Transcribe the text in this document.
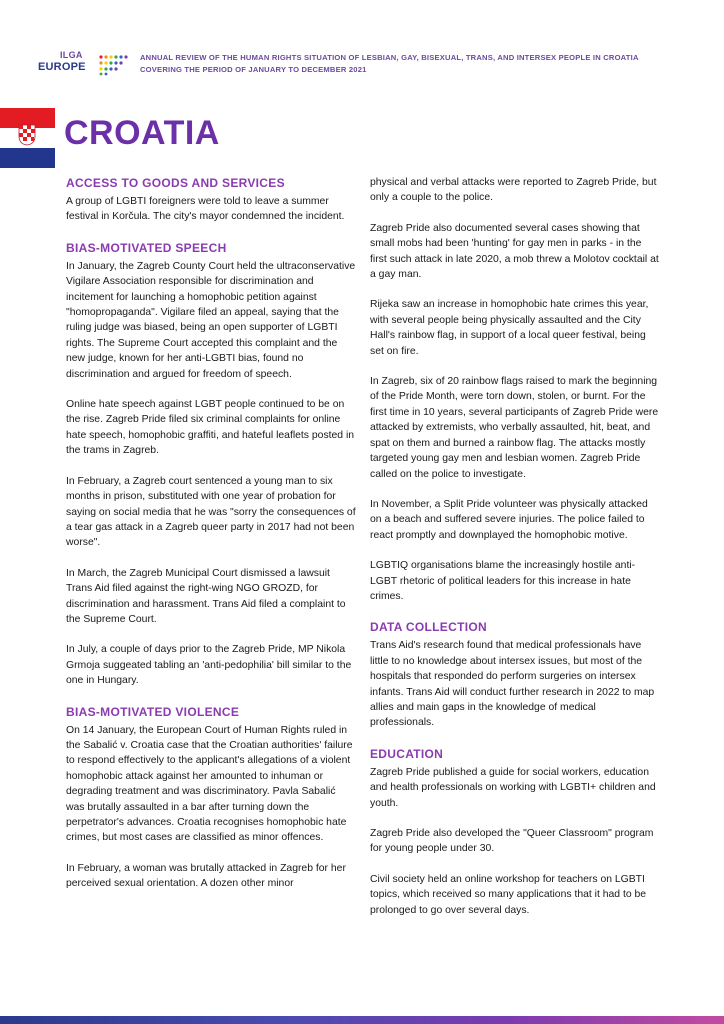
ILGA
EUROPE
ANNUAL REVIEW OF THE HUMAN RIGHTS SITUATION OF LESBIAN, GAY, BISEXUAL, TRANS, AND INTERSEX PEOPLE IN CROATIA
COVERING THE PERIOD OF JANUARY TO DECEMBER 2021
CROATIA
ACCESS TO GOODS AND SERVICES

A group of LGBTI foreigners were told to leave a summer festival in Korčula. The city's mayor condemned the incident.

BIAS-MOTIVATED SPEECH

In January, the Zagreb County Court held the ultraconservative Vigilare Association responsible for discrimination and incitement for launching a homophobic petition against "homopropaganda". Vigilare filed an appeal, saying that the ruling judge was biased, being an open supporter of LGBTI rights. The Supreme Court accepted this complaint and the new judge, known for her anti-LGBTI bias, found no discrimination and argued for freedom of speech.

Online hate speech against LGBT people continued to be on the rise. Zagreb Pride filed six criminal complaints for online hate speech, homophobic graffiti, and hateful leaflets posted in the trams in Zagreb.

In February, a Zagreb court sentenced a young man to six months in prison, substituted with one year of probation for saying on social media that he was "sorry the consequences of a tear gas attack in a Zagreb queer party in 2017 had not been worse".

In March, the Zagreb Municipal Court dismissed a lawsuit Trans Aid filed against the right-wing NGO GROZD, for discrimination and harassment. Trans Aid filed a complaint to the Supreme Court.

In July, a couple of days prior to the Zagreb Pride, MP Nikola Grmoja suggeated tabling an 'anti-pedophilia' bill similar to the one in Hungary.

BIAS-MOTIVATED VIOLENCE

On 14 January, the European Court of Human Rights ruled in the Sabalić v. Croatia case that the Croatian authorities' failure to respond effectively to the applicant's allegations of a violent homophobic attack against her amounted to inhuman or degrading treatment and was discriminatory. Pavla Sabalić was brutally assaulted in a bar after turning down the perpetrator's advances. Croatia recognises homophobic hate crimes, but most cases are classified as minor offences.

In February, a woman was brutally attacked in Zagreb for her perceived sexual orientation. A dozen other minor

physical and verbal attacks were reported to Zagreb Pride, but only a couple to the police.

Zagreb Pride also documented several cases showing that small mobs had been 'hunting' for gay men in parks - in the first such attack in late 2020, a mob threw a Molotov cocktail at a gay man.

Rijeka saw an increase in homophobic hate crimes this year, with several people being physically assaulted and the City Hall's rainbow flag, in support of a local queer festival, being set on fire.

In Zagreb, six of 20 rainbow flags raised to mark the beginning of the Pride Month, were torn down, stolen, or burnt. For the first time in 10 years, several participants of Zagreb Pride were attacked by extremists, who verbally assaulted, hit, beat, and spat on them and burned a rainbow flag. The attacks mostly targeted young gay men and lesbian women. Zagreb Pride called on the police to investigate.

In November, a Split Pride volunteer was physically attacked on a beach and suffered severe injuries. The police failed to react promptly and downplayed the homophobic motive.

LGBTIQ organisations blame the increasingly hostile anti-LGBT rhetoric of political leaders for this increase in hate crimes.

DATA COLLECTION

Trans Aid's research found that medical professionals have little to no knowledge about intersex issues, but most of the hospitals that responded do perform surgeries on intersex infants. Trans Aid will conduct further research in 2022 to map allies and main gaps in the knowledge of medical professionals.

EDUCATION

Zagreb Pride published a guide for social workers, education and health professionals on working with LGBTI+ children and youth.

Zagreb Pride also developed the "Queer Classroom" program for young people under 30.

Civil society held an online workshop for teachers on LGBTI topics, which received so many applications that it had to be prolonged to go over several days.
